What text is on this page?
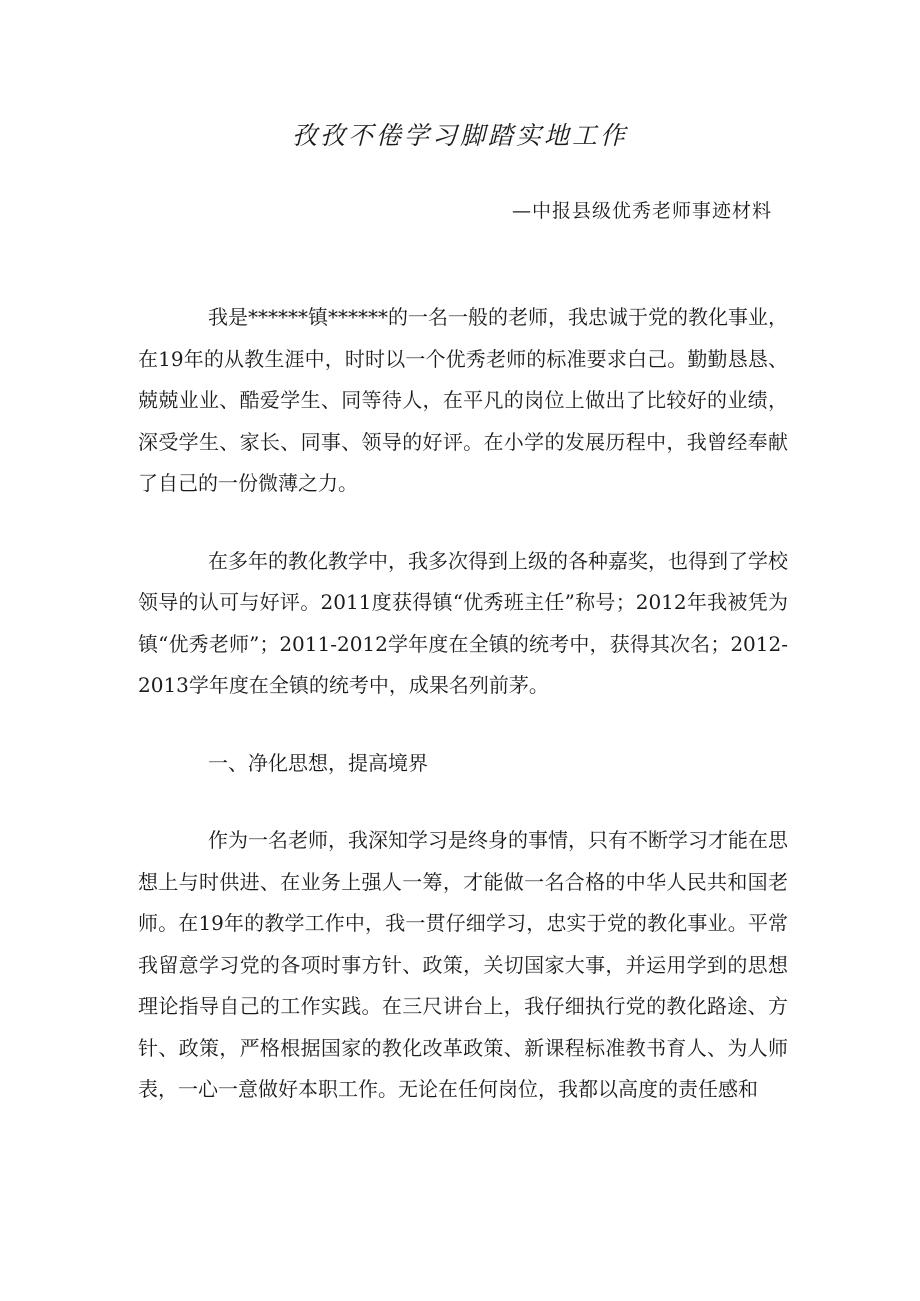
孜孜不倦学习脚踏实地工作
—中报县级优秀老师事迹材料

我是******镇******的一名一般的老师，我忠诚于党的教化事业，在19年的从教生涯中，时时以一个优秀老师的标准要求白己。勤勤恳恳、兢兢业业、酷爱学生、同等待人，在平凡的岗位上做出了比较好的业绩，深受学生、家长、同事、领导的好评。在小学的发展历程中，我曾经奉献了自己的一份微薄之力。

在多年的教化教学中，我多次得到上级的各种嘉奖，也得到了学校领导的认可与好评。2011度获得镇“优秀班主任”称号；2012年我被凭为镇“优秀老师”；2011-2012学年度在全镇的统考中，获得其次名；2012-2013学年度在全镇的统考中，成果名列前茅。

一、净化思想，提高境界

作为一名老师，我深知学习是终身的事情，只有不断学习才能在思想上与时供进、在业务上强人一筹，才能做一名合格的中华人民共和国老师。在19年的教学工作中，我一贯仔细学习，忠实于党的教化事业。平常我留意学习党的各项时事方针、政策，关切国家大事，并运用学到的思想理论指导自己的工作实践。在三尺讲台上，我仔细执行党的教化路途、方针、政策，严格根据国家的教化改革政策、新课程标准教书育人、为人师表，一心一意做好本职工作。无论在任何岗位，我都以高度的责任感和
